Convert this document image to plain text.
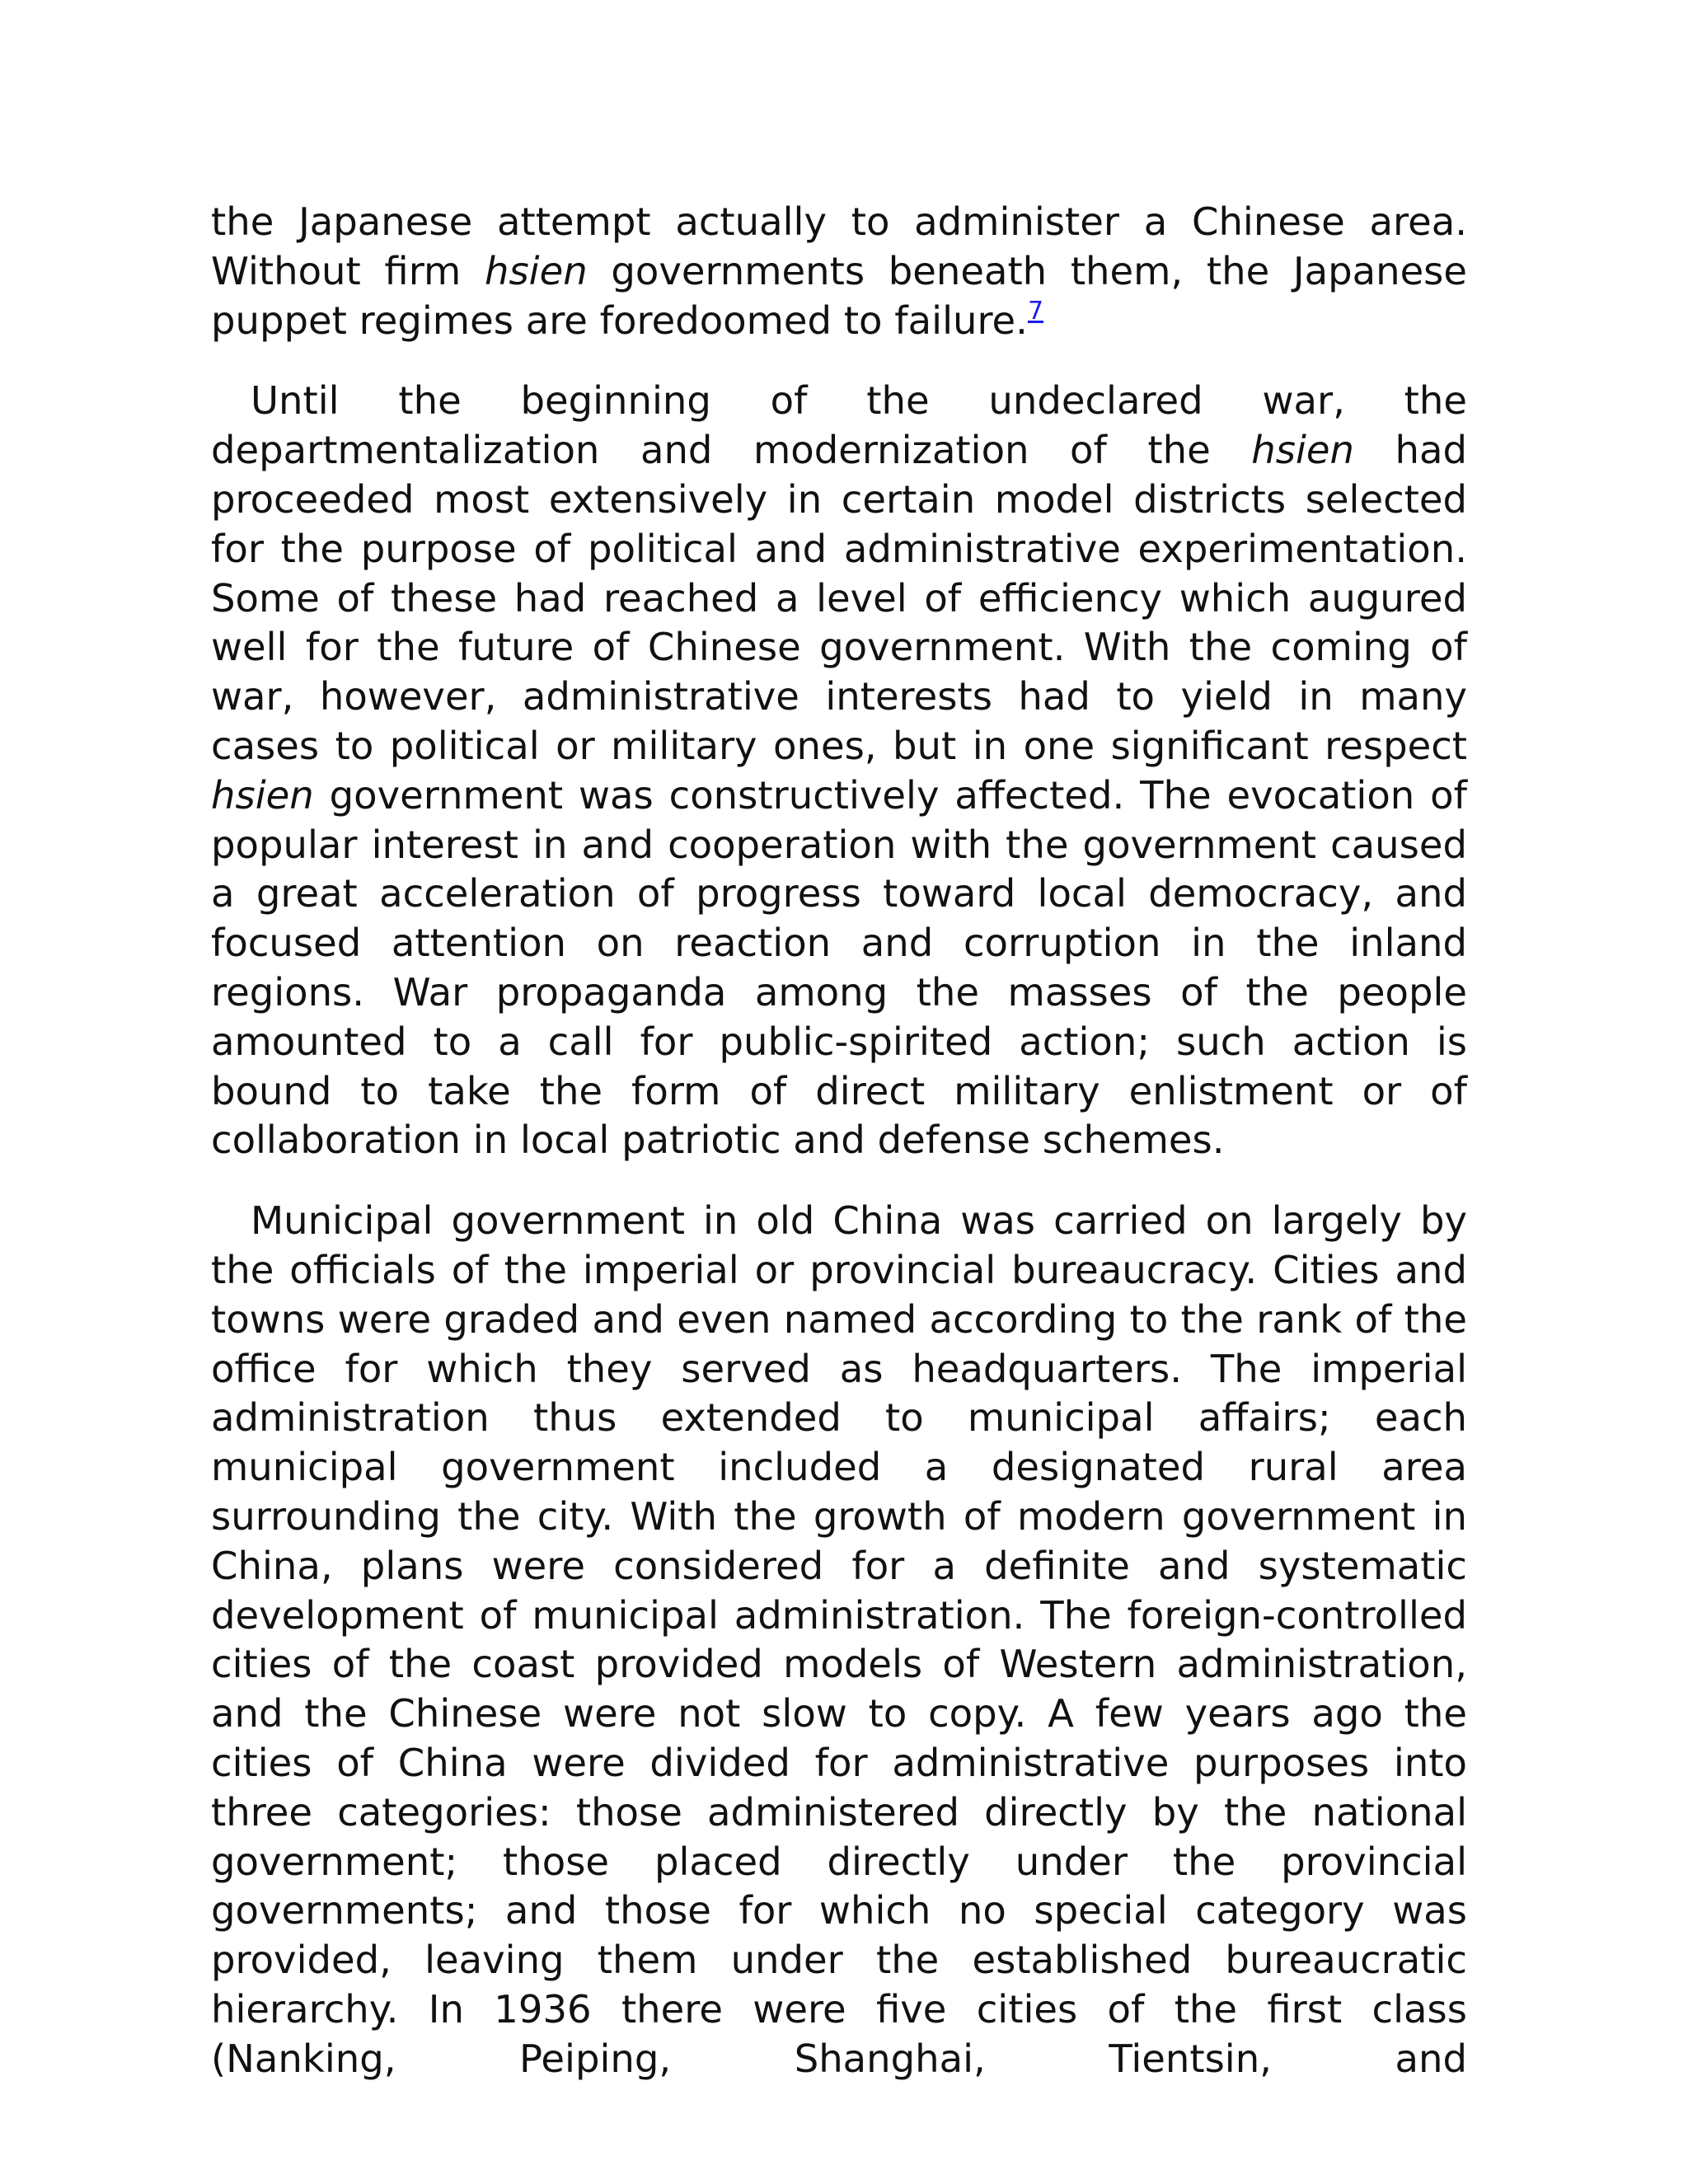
the Japanese attempt actually to administer a Chinese area. Without firm hsien governments beneath them, the Japanese puppet regimes are foredoomed to failure.$^7$

Until the beginning of the undeclared war, the departmentalization and modernization of the hsien had proceeded most extensively in certain model districts selected for the purpose of political and administrative experimentation. Some of these had reached a level of efficiency which augured well for the future of Chinese government. With the coming of war, however, administrative interests had to yield in many cases to political or military ones, but in one significant respect hsien government was constructively affected. The evocation of popular interest in and cooperation with the government caused a great acceleration of progress toward local democracy, and focused attention on reaction and corruption in the inland regions. War propaganda among the masses of the people amounted to a call for public-spirited action; such action is bound to take the form of direct military enlistment or of collaboration in local patriotic and defense schemes.

Municipal government in old China was carried on largely by the officials of the imperial or provincial bureaucracy. Cities and towns were graded and even named according to the rank of the office for which they served as headquarters. The imperial administration thus extended to municipal affairs; each municipal government included a designated rural area surrounding the city. With the growth of modern government in China, plans were considered for a definite and systematic development of municipal administration. The foreign-controlled cities of the coast provided models of Western administration, and the Chinese were not slow to copy. A few years ago the cities of China were divided for administrative purposes into three categories: those administered directly by the national government; those placed directly under the provincial governments; and those for which no special category was provided, leaving them under the established bureaucratic hierarchy. In 1936 there were five cities of the first class (Nanking, Peiping, Shanghai, Tientsin, and
